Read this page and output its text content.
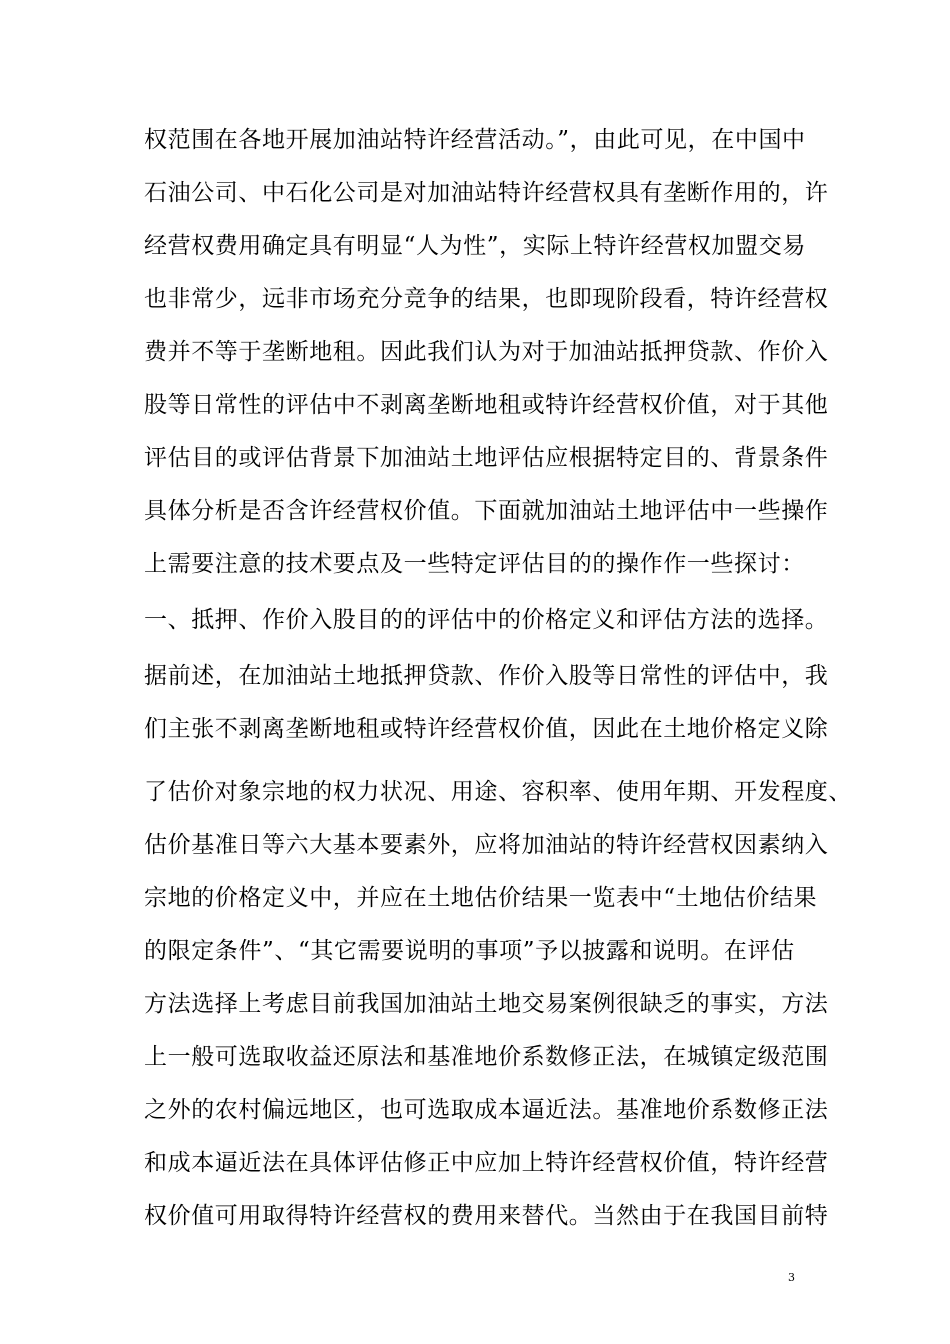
权范围在各地开展加油站特许经营活动。”，由此可见，在中国中
石油公司、中石化公司是对加油站特许经营权具有垄断作用的，许
经营权费用确定具有明显“人为性”，实际上特许经营权加盟交易
也非常少，远非市场充分竞争的结果，也即现阶段看，特许经营权
费并不等于垄断地租。因此我们认为对于加油站抵押贷款、作价入
股等日常性的评估中不剥离垄断地租或特许经营权价值，对于其他
评估目的或评估背景下加油站土地评估应根据特定目的、背景条件
具体分析是否含许经营权价值。下面就加油站土地评估中一些操作
上需要注意的技术要点及一些特定评估目的的操作作一些探讨：
一、抵押、作价入股目的的评估中的价格定义和评估方法的选择。
据前述，在加油站土地抵押贷款、作价入股等日常性的评估中，我
们主张不剥离垄断地租或特许经营权价值，因此在土地价格定义除
了估价对象宗地的权力状况、用途、容积率、使用年期、开发程度、
估价基准日等六大基本要素外，应将加油站的特许经营权因素纳入
宗地的价格定义中，并应在土地估价结果一览表中“土地估价结果
的限定条件”、“其它需要说明的事项”予以披露和说明。在评估
方法选择上考虑目前我国加油站土地交易案例很缺乏的事实，方法
上一般可选取收益还原法和基准地价系数修正法，在城镇定级范围
之外的农村偏远地区，也可选取成本逼近法。基准地价系数修正法
和成本逼近法在具体评估修正中应加上特许经营权价值，特许经营
权价值可用取得特许经营权的费用来替代。当然由于在我国目前特
3
